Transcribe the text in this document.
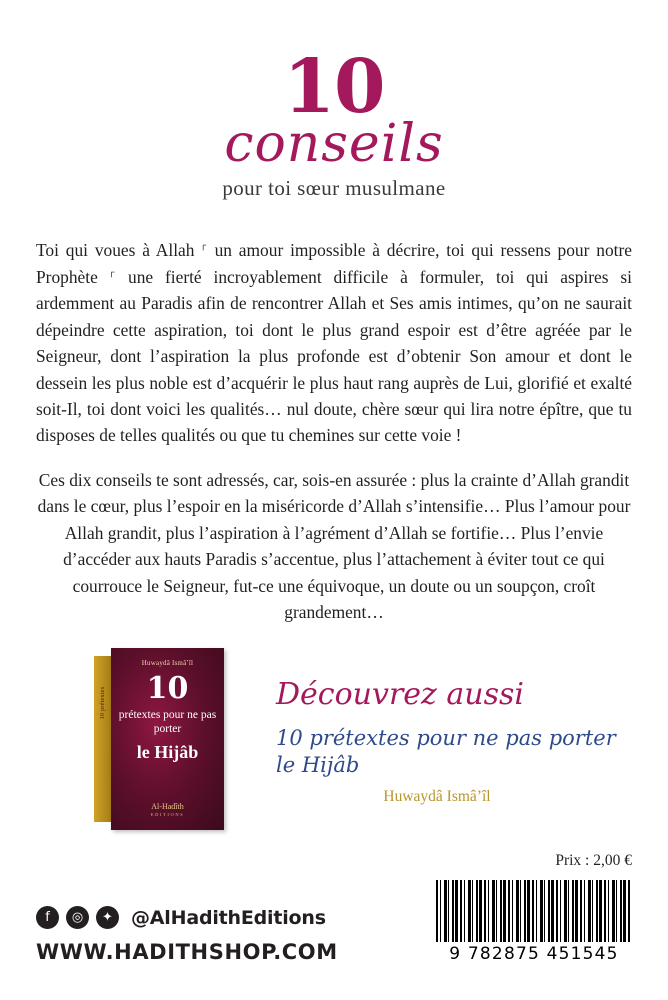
10
conseils
pour toi sœur musulmane

Toi qui voues à Allah ⸀ un amour impossible à décrire, toi qui ressens pour notre Prophète ⸀ une fierté incroyablement difficile à formuler, toi qui aspires si ardemment au Paradis afin de rencontrer Allah et Ses amis intimes, qu’on ne saurait dépeindre cette aspiration, toi dont le plus grand espoir est d’être agréée par le Seigneur, dont l’aspiration la plus profonde est d’obtenir Son amour et dont le dessein les plus noble est d’acquérir le plus haut rang auprès de Lui, glorifié et exalté soit-Il, toi dont voici les qualités… nul doute, chère sœur qui lira notre épître, que tu disposes de telles qualités ou que tu chemines sur cette voie !

Ces dix conseils te sont adressés, car, sois-en assurée : plus la crainte d’Allah grandit dans le cœur, plus l’espoir en la miséricorde d’Allah s’intensifie… Plus l’amour pour Allah grandit, plus l’aspiration à l’agrément d’Allah se fortifie… Plus l’envie d’accéder aux hauts Paradis s’accentue, plus l’attachement à éviter tout ce qui courrouce le Seigneur, fut-ce une équivoque, un doute ou un soupçon, croît grandement…

10 prétextes
Huwaydâ Ismâ’îl
10
prétextes pour ne pas porter
le Hijâb
Al-Hadîth
EDITIONS
Découvrez aussi
10 prétextes pour ne pas porter le Hijâb
Huwaydâ Ismâ’îl
Prix : 2,00 €
f	◎	✦ @AlHadithEditions
WWW.HADITHSHOP.COM	9 782875 451545
